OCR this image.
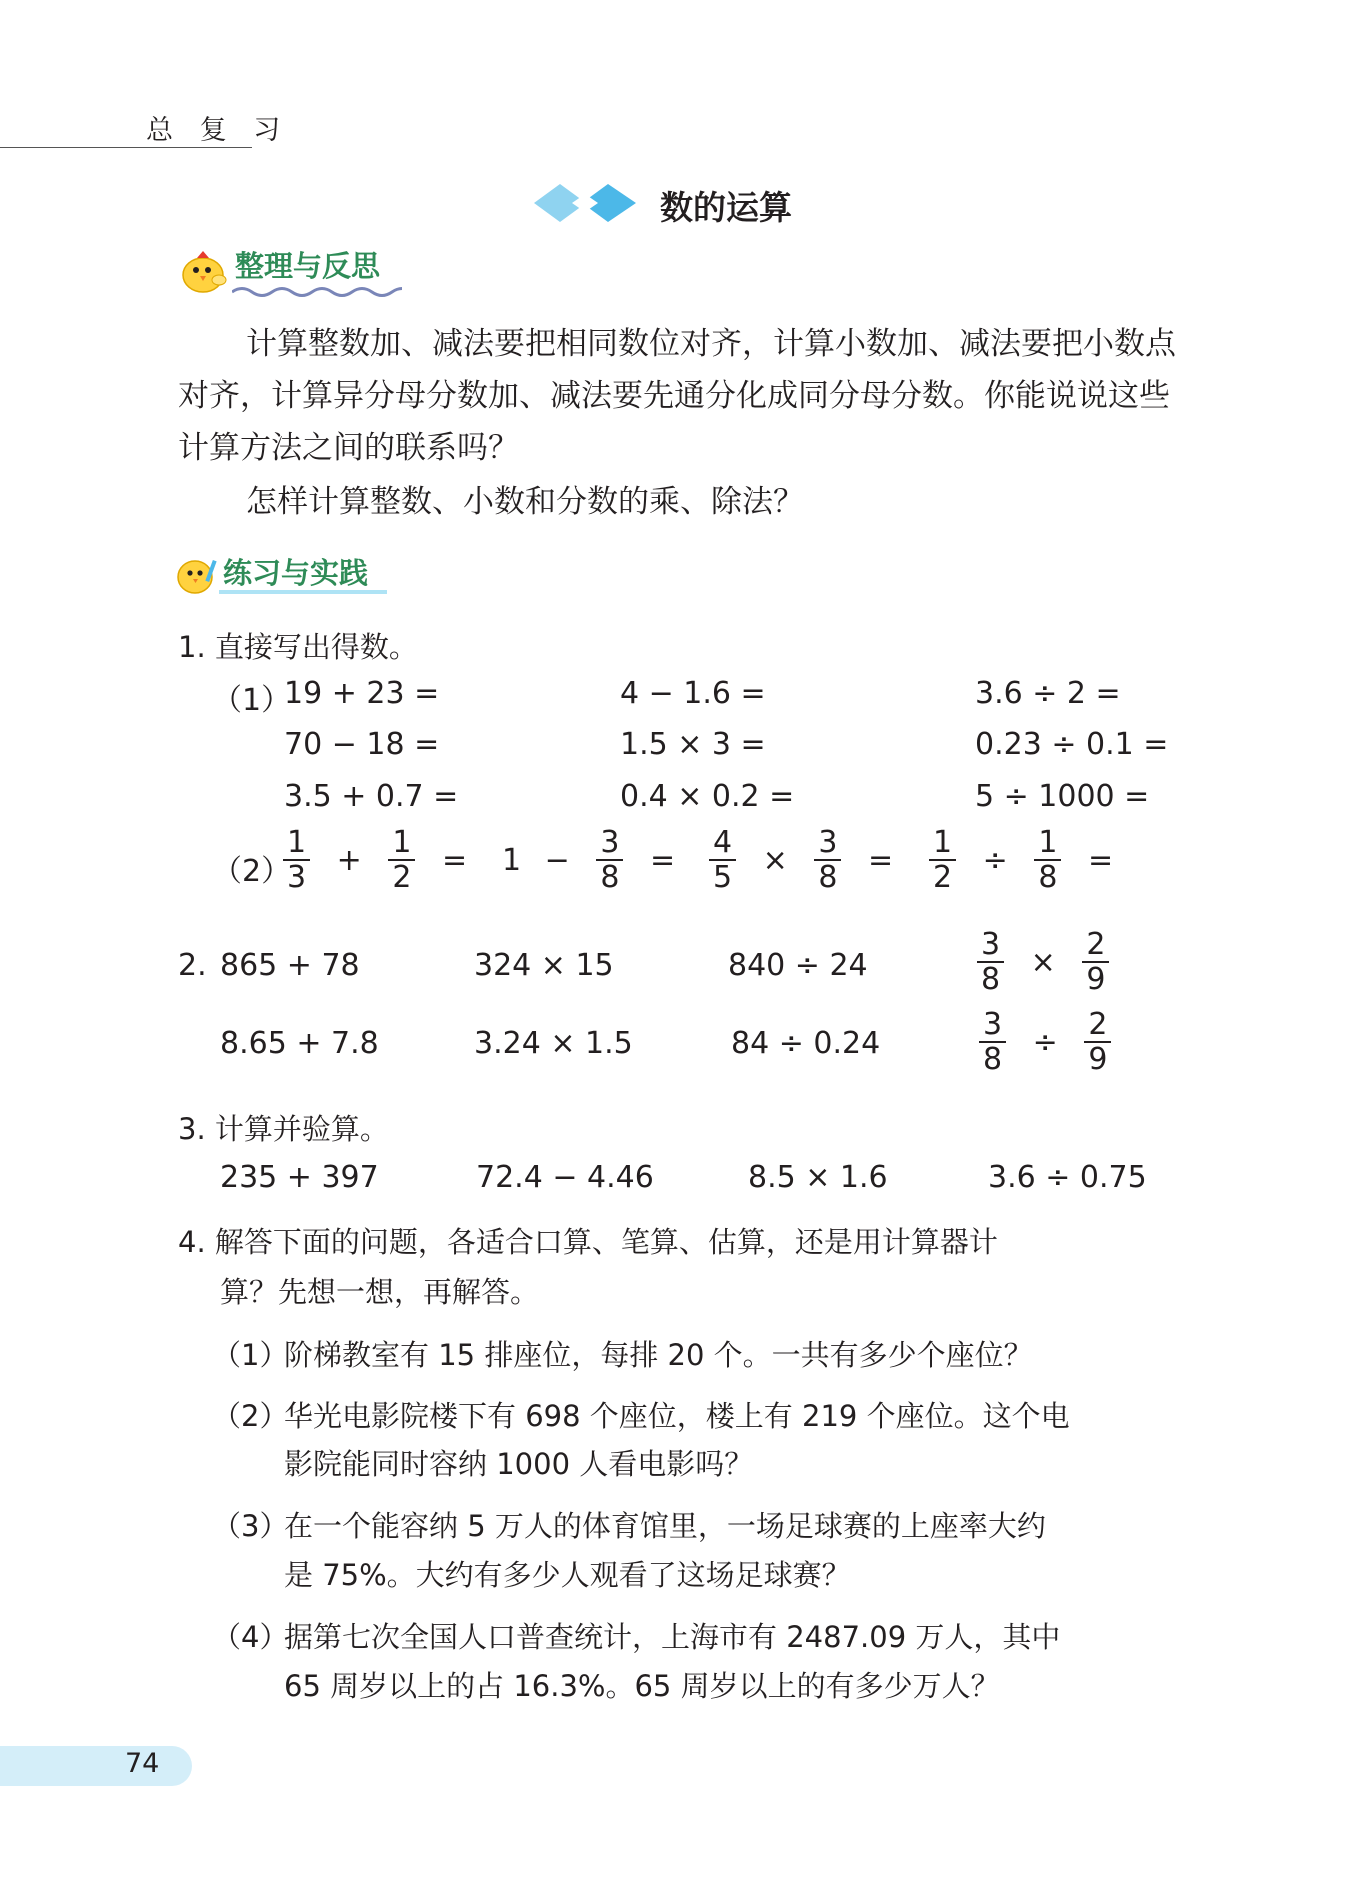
总 复 习
数的运算
整理与反思
计算整数加、减法要把相同数位对齐，计算小数加、减法要把小数点对齐，计算异分母分数加、减法要先通分化成同分母分数。你能说说这些计算方法之间的联系吗？
怎样计算整数、小数和分数的乘、除法？
练习与实践
1. 直接写出得数。
（1）
19 + 23 =	4 − 1.6 =	3.6 ÷ 2 =
70 − 18 =	1.5 × 3 =	0.23 ÷ 0.1 =
3.5 + 0.7 =	0.4 × 0.2 =	5 ÷ 1000 =
（2）
$\frac{1}{3} + \frac{1}{2}$ =	$1 - \frac{3}{8}$ =	$\frac{4}{5} \times \frac{3}{8}$ =	$\frac{1}{2} \div \frac{1}{8}$ =
2. 865 + 78	324 × 15	840 ÷ 24	$\frac{3}{8} \times \frac{2}{9}$
8.65 + 7.8	3.24 × 1.5	84 ÷ 0.24	$\frac{3}{8} \div \frac{2}{9}$
3. 计算并验算。
235 + 397	72.4 − 4.46	8.5 × 1.6	3.6 ÷ 0.75
4. 解答下面的问题，各适合口算、笔算、估算，还是用计算器计
算？先想一想，再解答。
（1）
阶梯教室有 15 排座位，每排 20 个。一共有多少个座位？
（2）
华光电影院楼下有 698 个座位，楼上有 219 个座位。这个电
影院能同时容纳 1000 人看电影吗？
（3）
在一个能容纳 5 万人的体育馆里，一场足球赛的上座率大约
是 75%。大约有多少人观看了这场足球赛？
（4）
据第七次全国人口普查统计，上海市有 2487.09 万人，其中
65 周岁以上的占 16.3%。65 周岁以上的有多少万人？
74
